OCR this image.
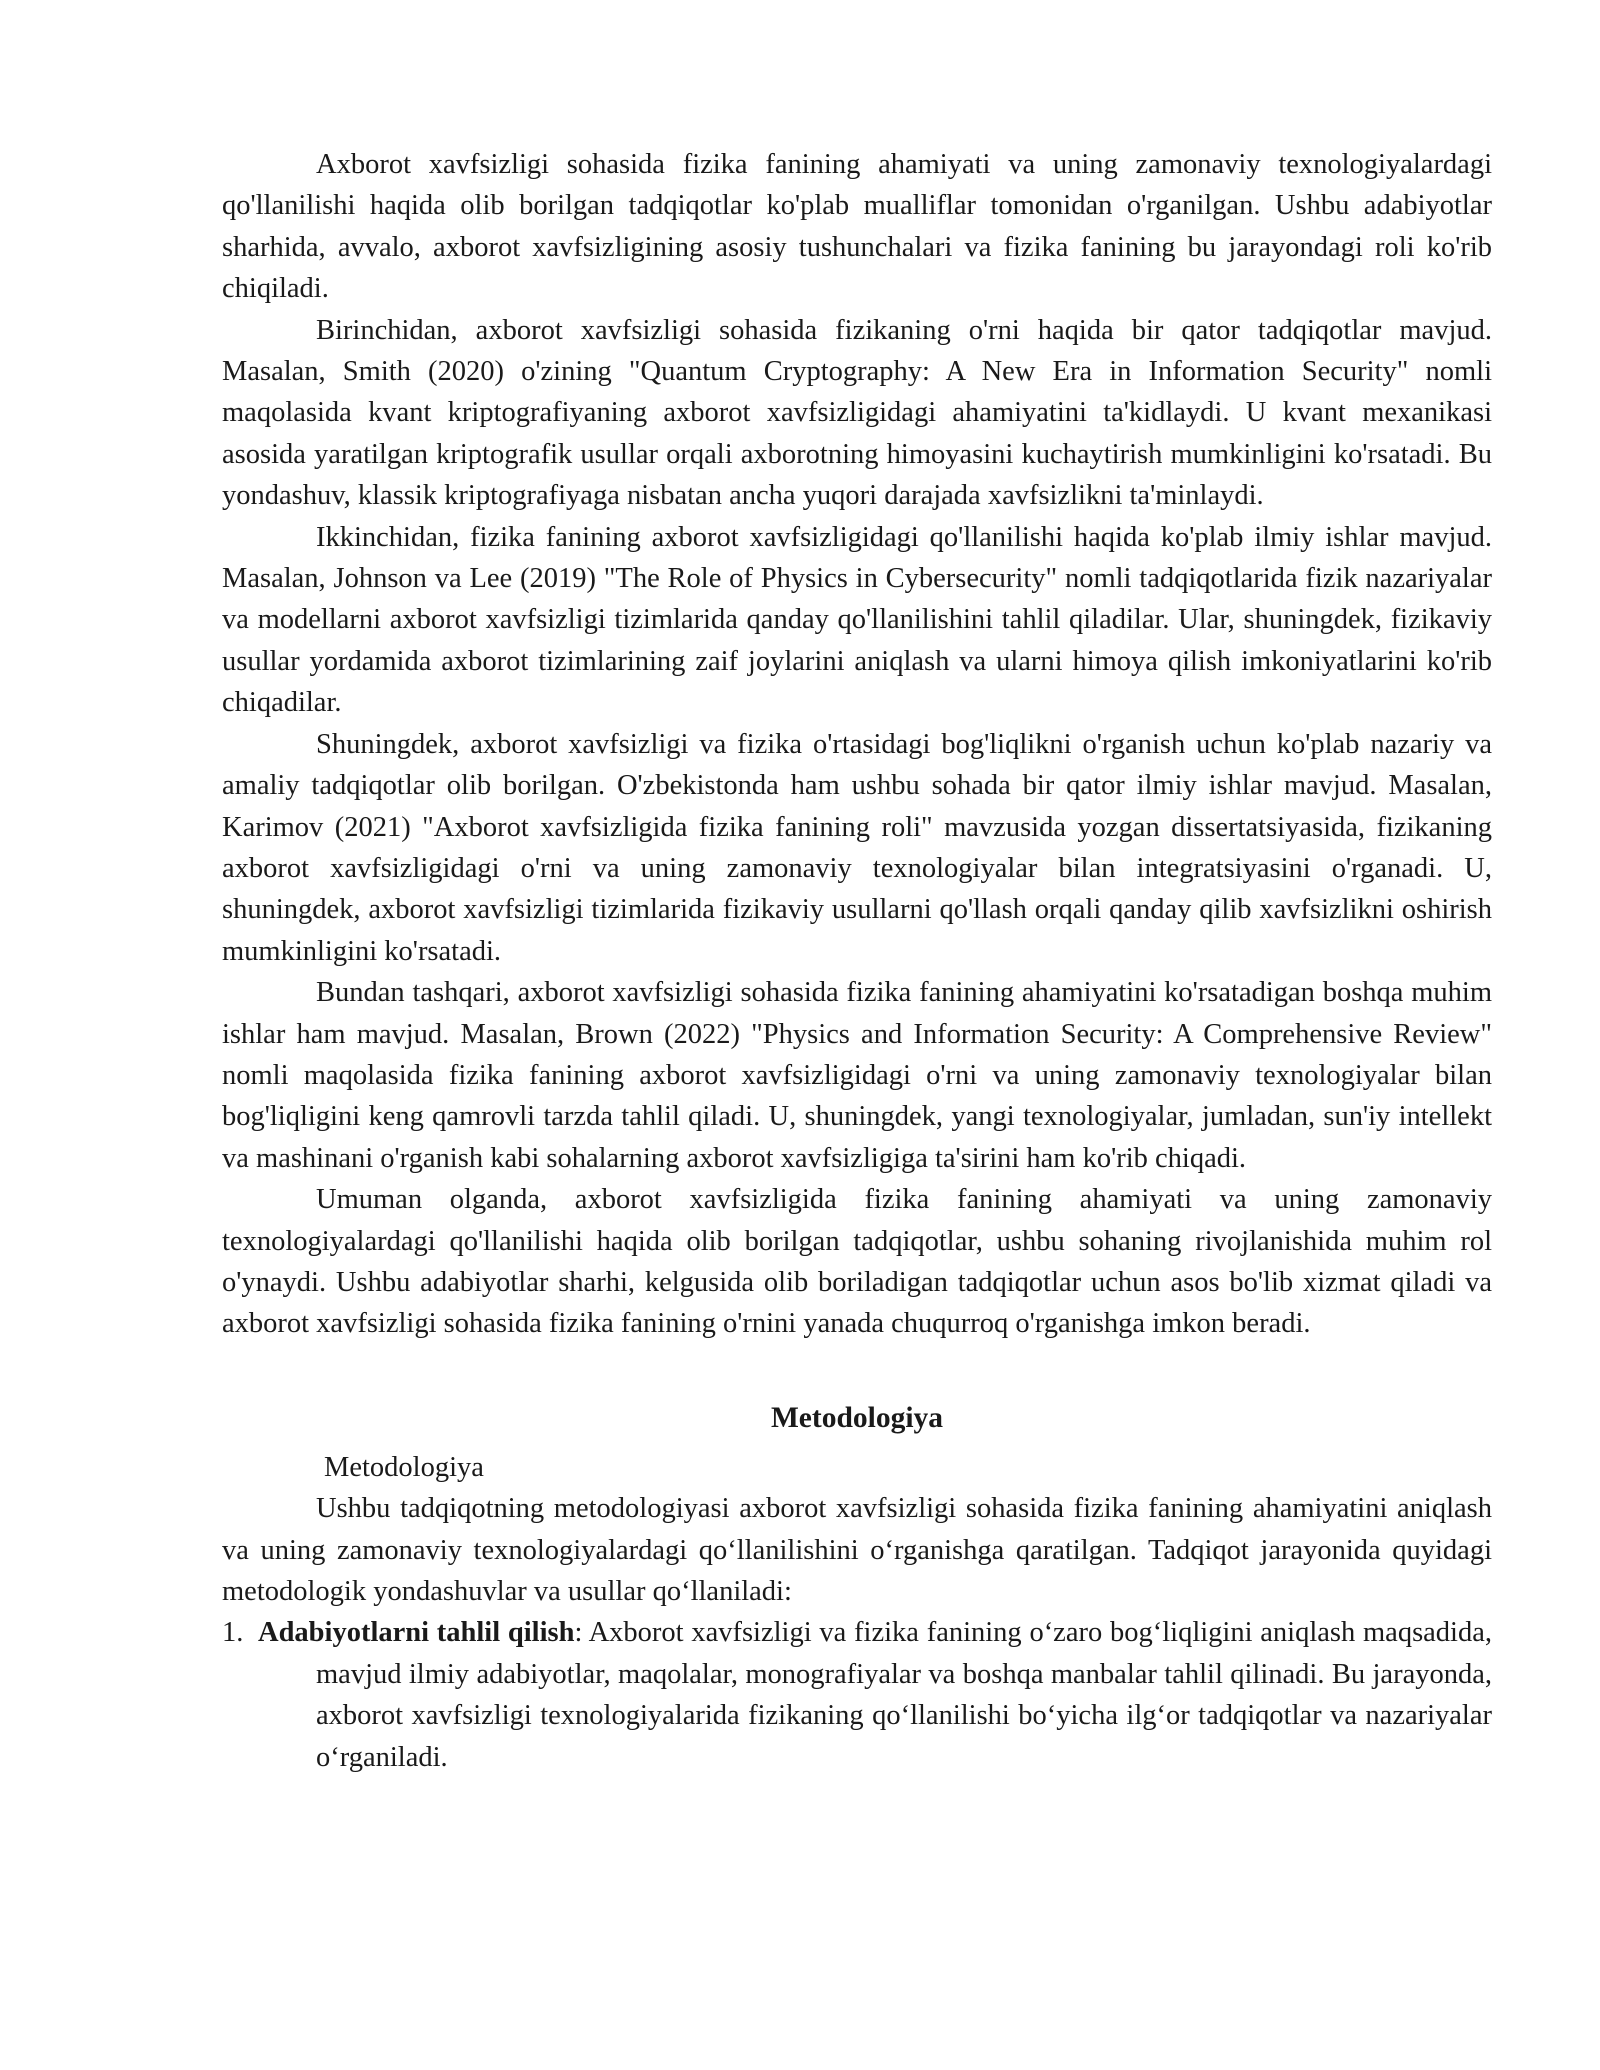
Axborot xavfsizligi sohasida fizika fanining ahamiyati va uning zamonaviy texnologiyalardagi qo'llanilishi haqida olib borilgan tadqiqotlar ko'plab mualliflar tomonidan o'rganilgan. Ushbu adabiyotlar sharhida, avvalo, axborot xavfsizligining asosiy tushunchalari va fizika fanining bu jarayondagi roli ko'rib chiqiladi.

Birinchidan, axborot xavfsizligi sohasida fizikaning o'rni haqida bir qator tadqiqotlar mavjud. Masalan, Smith (2020) o'zining "Quantum Cryptography: A New Era in Information Security" nomli maqolasida kvant kriptografiyaning axborot xavfsizligidagi ahamiyatini ta'kidlaydi. U kvant mexanikasi asosida yaratilgan kriptografik usullar orqali axborotning himoyasini kuchaytirish mumkinligini ko'rsatadi. Bu yondashuv, klassik kriptografiyaga nisbatan ancha yuqori darajada xavfsizlikni ta'minlaydi.

Ikkinchidan, fizika fanining axborot xavfsizligidagi qo'llanilishi haqida ko'plab ilmiy ishlar mavjud. Masalan, Johnson va Lee (2019) "The Role of Physics in Cybersecurity" nomli tadqiqotlarida fizik nazariyalar va modellarni axborot xavfsizligi tizimlarida qanday qo'llanilishini tahlil qiladilar. Ular, shuningdek, fizikaviy usullar yordamida axborot tizimlarining zaif joylarini aniqlash va ularni himoya qilish imkoniyatlarini ko'rib chiqadilar.

Shuningdek, axborot xavfsizligi va fizika o'rtasidagi bog'liqlikni o'rganish uchun ko'plab nazariy va amaliy tadqiqotlar olib borilgan. O'zbekistonda ham ushbu sohada bir qator ilmiy ishlar mavjud. Masalan, Karimov (2021) "Axborot xavfsizligida fizika fanining roli" mavzusida yozgan dissertatsiyasida, fizikaning axborot xavfsizligidagi o'rni va uning zamonaviy texnologiyalar bilan integratsiyasini o'rganadi. U, shuningdek, axborot xavfsizligi tizimlarida fizikaviy usullarni qo'llash orqali qanday qilib xavfsizlikni oshirish mumkinligini ko'rsatadi.

Bundan tashqari, axborot xavfsizligi sohasida fizika fanining ahamiyatini ko'rsatadigan boshqa muhim ishlar ham mavjud. Masalan, Brown (2022) "Physics and Information Security: A Comprehensive Review" nomli maqolasida fizika fanining axborot xavfsizligidagi o'rni va uning zamonaviy texnologiyalar bilan bog'liqligini keng qamrovli tarzda tahlil qiladi. U, shuningdek, yangi texnologiyalar, jumladan, sun'iy intellekt va mashinani o'rganish kabi sohalarning axborot xavfsizligiga ta'sirini ham ko'rib chiqadi.

Umuman olganda, axborot xavfsizligida fizika fanining ahamiyati va uning zamonaviy texnologiyalardagi qo'llanilishi haqida olib borilgan tadqiqotlar, ushbu sohaning rivojlanishida muhim rol o'ynaydi. Ushbu adabiyotlar sharhi, kelgusida olib boriladigan tadqiqotlar uchun asos bo'lib xizmat qiladi va axborot xavfsizligi sohasida fizika fanining o'rnini yanada chuqurroq o'rganishga imkon beradi.

Metodologiya

Metodologiya

Ushbu tadqiqotning metodologiyasi axborot xavfsizligi sohasida fizika fanining ahamiyatini aniqlash va uning zamonaviy texnologiyalardagi qo‘llanilishini o‘rganishga qaratilgan. Tadqiqot jarayonida quyidagi metodologik yondashuvlar va usullar qo‘llaniladi:

1. Adabiyotlarni tahlil qilish: Axborot xavfsizligi va fizika fanining o‘zaro bog‘liqligini aniqlash maqsadida, mavjud ilmiy adabiyotlar, maqolalar, monografiyalar va boshqa manbalar tahlil qilinadi. Bu jarayonda, axborot xavfsizligi texnologiyalarida fizikaning qo‘llanilishi bo‘yicha ilg‘or tadqiqotlar va nazariyalar o‘rganiladi.
